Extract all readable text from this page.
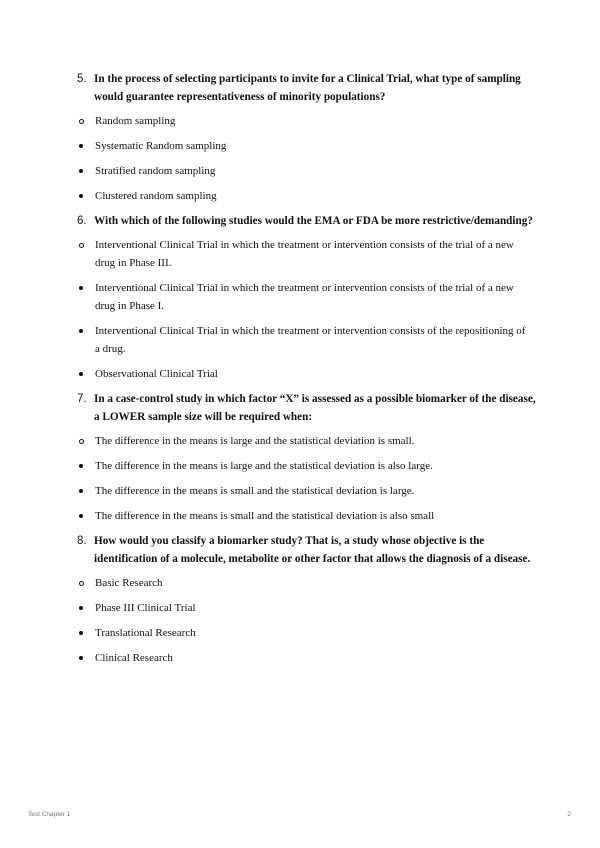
5. In the process of selecting participants to invite for a Clinical Trial, what type of sampling would guarantee representativeness of minority populations?
Random sampling
Systematic Random sampling
Stratified random sampling
Clustered random sampling
6. With which of the following studies would the EMA or FDA be more restrictive/demanding?
Interventional Clinical Trial in which the treatment or intervention consists of the trial of a new drug in Phase III.
Interventional Clinical Trial in which the treatment or intervention consists of the trial of a new drug in Phase I.
Interventional Clinical Trial in which the treatment or intervention consists of the repositioning of a drug.
Observational Clinical Trial
7. In a case-control study in which factor “X” is assessed as a possible biomarker of the disease, a LOWER sample size will be required when:
The difference in the means is large and the statistical deviation is small.
The difference in the means is large and the statistical deviation is also large.
The difference in the means is small and the statistical deviation is large.
The difference in the means is small and the statistical deviation is also small
8. How would you classify a biomarker study? That is, a study whose objective is the identification of a molecule, metabolite or other factor that allows the diagnosis of a disease.
Basic Research
Phase III Clinical Trial
Translational Research
Clinical Research
Test Chapter 1	2
